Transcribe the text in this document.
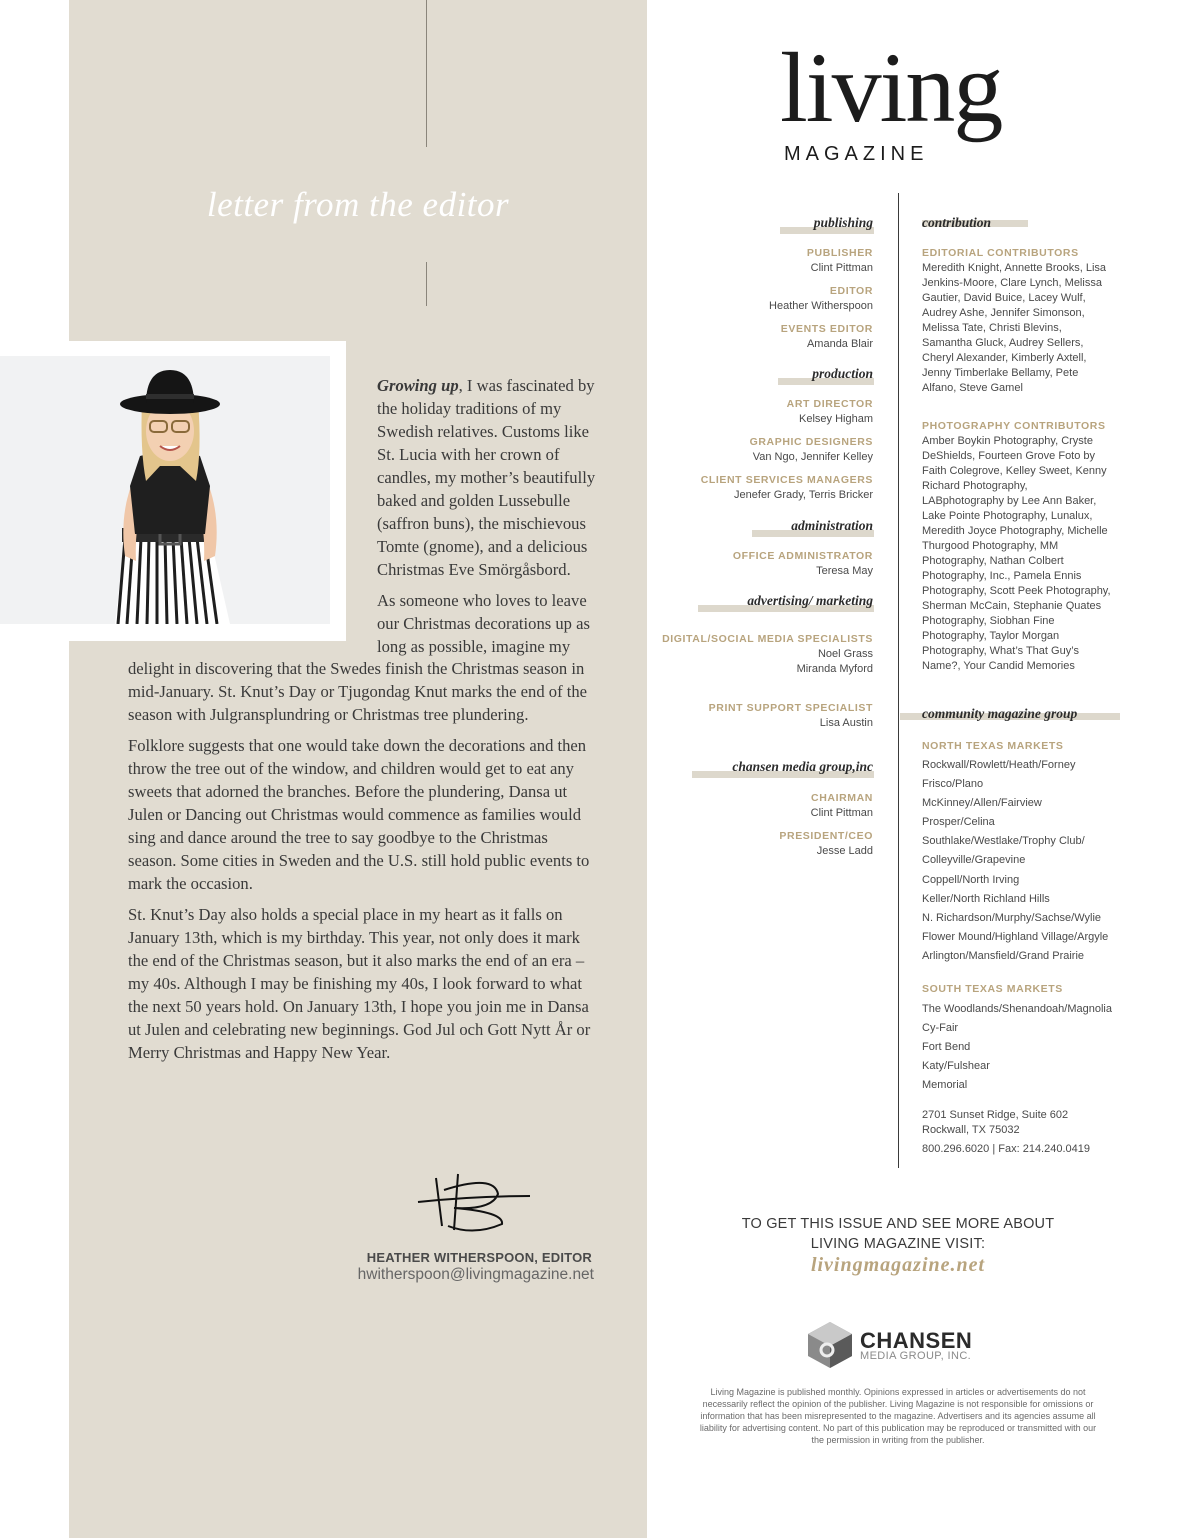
letter from the editor

Growing up, I was fascinated by the holiday traditions of my Swedish relatives. Customs like St. Lucia with her crown of candles, my mother’s beautifully baked and golden Lussebulle (saffron buns), the mischievous Tomte (gnome), and a delicious Christmas Eve Smörgåsbord.

As someone who loves to leave our Christmas decorations up as long as possible, imagine my

delight in discovering that the Swedes finish the Christmas season in mid-January. St. Knut’s Day or Tjugondag Knut marks the end of the season with Julgransplundring or Christmas tree plundering.

Folklore suggests that one would take down the decorations and then throw the tree out of the window, and children would get to eat any sweets that adorned the branches. Before the plundering, Dansa ut Julen or Dancing out Christmas would commence as families would sing and dance around the tree to say goodbye to the Christmas season. Some cities in Sweden and the U.S. still hold public events to mark the occasion.

St. Knut’s Day also holds a special place in my heart as it falls on January 13th, which is my birthday. This year, not only does it mark the end of the Christmas season, but it also marks the end of an era – my 40s. Although I may be finishing my 40s, I look forward to what the next 50 years hold. On January 13th, I hope you join me in Dansa ut Julen and celebrating new beginnings. God Jul och Gott Nytt År or Merry Christmas and Happy New Year.

HEATHER WITHERSPOON, EDITOR
hwitherspoon@livingmagazine.net
living
MAGAZINE
publishing
PUBLISHER
Clint Pittman
EDITOR
Heather Witherspoon
EVENTS EDITOR
Amanda Blair
production
ART DIRECTOR
Kelsey Higham
GRAPHIC DESIGNERS
Van Ngo, Jennifer Kelley
CLIENT SERVICES MANAGERS
Jenefer Grady, Terris Bricker
administration
OFFICE ADMINISTRATOR
Teresa May
advertising/ marketing
DIGITAL/SOCIAL MEDIA SPECIALISTS
Noel Grass
Miranda Myford
PRINT SUPPORT SPECIALIST
Lisa Austin
chansen media group,inc
CHAIRMAN
Clint Pittman
PRESIDENT/CEO
Jesse Ladd
contribution
EDITORIAL CONTRIBUTORS
Meredith Knight, Annette Brooks, Lisa Jenkins-Moore, Clare Lynch, Melissa Gautier, David Buice, Lacey Wulf, Audrey Ashe, Jennifer Simonson, Melissa Tate, Christi Blevins, Samantha Gluck, Audrey Sellers, Cheryl Alexander, Kimberly Axtell, Jenny Timberlake Bellamy, Pete Alfano, Steve Gamel
PHOTOGRAPHY CONTRIBUTORS
Amber Boykin Photography, Cryste DeShields, Fourteen Grove Foto by Faith Colegrove, Kelley Sweet, Kenny Richard Photography, LABphotography by Lee Ann Baker, Lake Pointe Photography, Lunalux, Meredith Joyce Photography, Michelle Thurgood Photography, MM Photography, Nathan Colbert Photography, Inc., Pamela Ennis Photography, Scott Peek Photography, Sherman McCain, Stephanie Quates Photography, Siobhan Fine Photography, Taylor Morgan Photography, What’s That Guy’s Name?, Your Candid Memories
community magazine group
NORTH TEXAS MARKETS
Rockwall/Rowlett/Heath/Forney
Frisco/Plano
McKinney/Allen/Fairview
Prosper/Celina
Southlake/Westlake/Trophy Club/
Colleyville/Grapevine
Coppell/North Irving
Keller/North Richland Hills
N. Richardson/Murphy/Sachse/Wylie
Flower Mound/Highland Village/Argyle
Arlington/Mansfield/Grand Prairie
SOUTH TEXAS MARKETS
The Woodlands/Shenandoah/Magnolia
Cy-Fair
Fort Bend
Katy/Fulshear
Memorial
2701 Sunset Ridge, Suite 602
Rockwall, TX 75032
800.296.6020 | Fax: 214.240.0419
TO GET THIS ISSUE AND SEE MORE ABOUT
LIVING MAGAZINE VISIT:
livingmagazine.net
CHANSEN
MEDIA GROUP, INC.
Living Magazine is published monthly. Opinions expressed in articles or advertisements do not necessarily reflect the opinion of the publisher. Living Magazine is not responsible for omissions or information that has been misrepresented to the magazine. Advertisers and its agencies assume all liability for advertising content. No part of this publication may be reproduced or transmitted with our the permission in writing from the publisher.
